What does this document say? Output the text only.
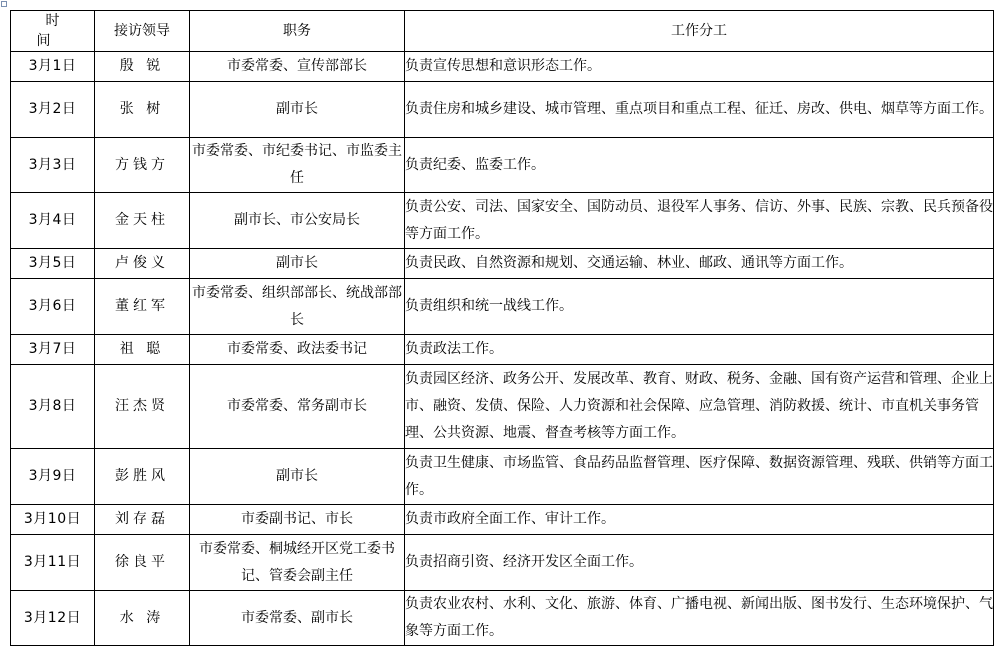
时 间	接访领导	职务	工作分工
3月1日	殷 锐	市委常委、宣传部部长	负责宣传思想和意识形态工作。
3月2日	张 树	副市长	负责住房和城乡建设、城市管理、重点项目和重点工程、征迁、房改、供电、烟草等方面工作。
3月3日	方钱方	市委常委、市纪委书记、市监委主任	负责纪委、监委工作。
3月4日	金天柱	副市长、市公安局长	负责公安、司法、国家安全、国防动员、退役军人事务、信访、外事、民族、宗教、民兵预备役等方面工作。
3月5日	卢俊义	副市长	负责民政、自然资源和规划、交通运输、林业、邮政、通讯等方面工作。
3月6日	董红军	市委常委、组织部部长、统战部部长	负责组织和统一战线工作。
3月7日	祖 聪	市委常委、政法委书记	负责政法工作。
3月8日	汪杰贤	市委常委、常务副市长	负责园区经济、政务公开、发展改革、教育、财政、税务、金融、国有资产运营和管理、企业上市、融资、发债、保险、人力资源和社会保障、应急管理、消防救援、统计、市直机关事务管理、公共资源、地震、督查考核等方面工作。
3月9日	彭胜风	副市长	负责卫生健康、市场监管、食品药品监督管理、医疗保障、数据资源管理、残联、供销等方面工作。
3月10日	刘存磊	市委副书记、市长	负责市政府全面工作、审计工作。
3月11日	徐良平	市委常委、桐城经开区党工委书记、管委会副主任	负责招商引资、经济开发区全面工作。
3月12日	水 涛	市委常委、副市长	负责农业农村、水利、文化、旅游、体育、广播电视、新闻出版、图书发行、生态环境保护、气象等方面工作。
